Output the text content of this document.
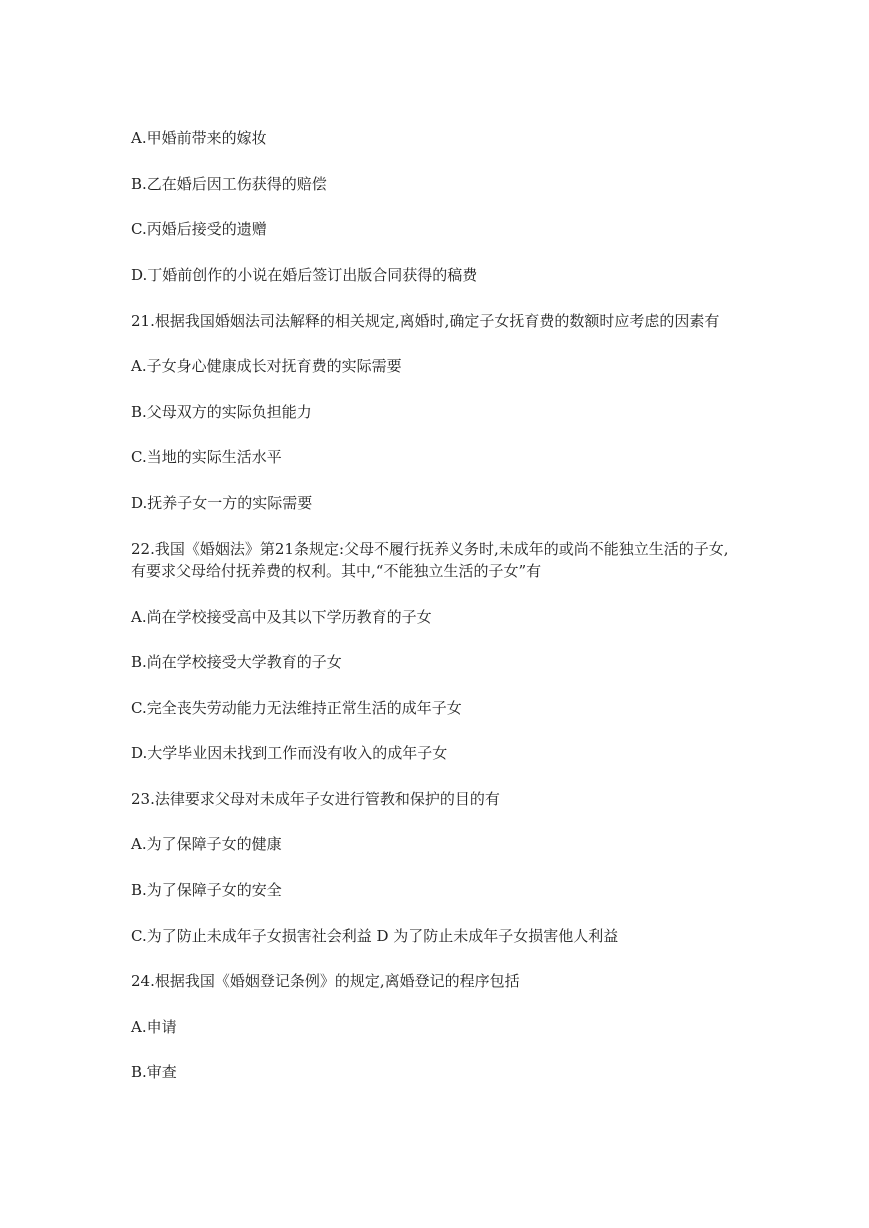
A.甲婚前带来的嫁妆
B.乙在婚后因工伤获得的赔偿
C.丙婚后接受的遗赠
D.丁婚前创作的小说在婚后签订出版合同获得的稿费
21.根据我国婚姻法司法解释的相关规定,离婚时,确定子女抚育费的数额时应考虑的因素有
A.子女身心健康成长对抚育费的实际需要
B.父母双方的实际负担能力
C.当地的实际生活水平
D.抚养子女一方的实际需要
22.我国《婚姻法》第21条规定:父母不履行抚养义务时,未成年的或尚不能独立生活的子女,
有要求父母给付抚养费的权利。其中,“不能独立生活的子女”有
A.尚在学校接受高中及其以下学历教育的子女
B.尚在学校接受大学教育的子女
C.完全丧失劳动能力无法维持正常生活的成年子女
D.大学毕业因未找到工作而没有收入的成年子女
23.法律要求父母对未成年子女进行管教和保护的目的有
A.为了保障子女的健康
B.为了保障子女的安全
C.为了防止未成年子女损害社会利益 D 为了防止未成年子女损害他人利益
24.根据我国《婚姻登记条例》的规定,离婚登记的程序包括
A.申请
B.审查
